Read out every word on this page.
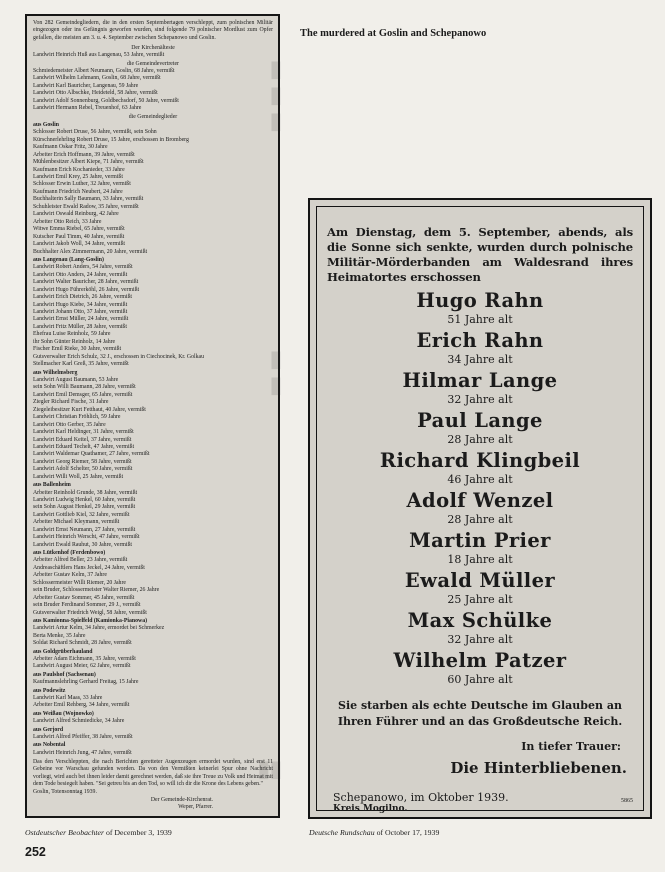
The murdered at Goslin and Schepanowo
▮
▮
▮
▮
▮
▮▮

Von 282 Gemeindegliedern, die in den ersten Septembertagen verschleppt, zum polnischen Militär eingezogen oder ins Gefängnis geworfen wurden, sind folgende 79 polnischer Mordlust zum Opfer gefallen, die meisten am 3. u. 4. September zwischen Schepanowo und Goslin.

Der Kirchenälteste
Landwirt Heinrich Huß aus Langenau, 53 Jahre, vermißt
die Gemeindevertreter
Schmiedemeister Albert Neumann, Goslin, 68 Jahre, vermißt
Landwirt Wilhelm Lehmann, Goslin, 68 Jahre, vermißt
Landwirt Karl Bauricher, Langenau, 59 Jahre
Landwirt Otto Albschke, Heideteld, 58 Jahre, vermißt
Landwirt Adolf Sonnenburg, Goldbechsdorf, 50 Jahre, vermißt
Landwirt Hermann Rebel, Treuenhof, 63 Jahre
die Gemeindeglieder
aus Goslin
Schlosser Robert Druse, 56 Jahre, vermißt, sein Sohn
Kürschnerlehrling Robert Druse, 15 Jahre, erschossen in Bromberg
Kaufmann Oskar Fritz, 30 Jahre
Arbeiter Erich Hoffmann, 39 Jahre, vermißt
Mühlenbesitzer Albert Kiepe, 71 Jahre, vermißt
Kaufmann Erich Kochanieder, 33 Jahre
Landwirt Emil Krey, 25 Jahre, vermißt
Schlosser Erwin Luther, 32 Jahre, vermißt
Kaufmann Friedrich Neubert, 24 Jahre
Buchhalterin Sally Baumann, 33 Jahre, vermißt
Schuhleister Ewald Radow, 35 Jahre, vermißt
Landwirt Oswald Reinburg, 42 Jahre
Arbeiter Otto Reich, 33 Jahre
Witwe Emma Riebel, 65 Jahre, vermißt
Kutscher Paul Timm, 40 Jahre, vermißt
Landwirt Jakob Woll, 34 Jahre, vermißt
Buchhalter Alex Zimmermann, 20 Jahre, vermißt
aus Langenau (Lang-Goslin)
Landwirt Robert Anders, 54 Jahre, vermißt
Landwirt Otto Anders, 24 Jahre, vermißt
Landwirt Walter Bauricher, 28 Jahre, vermißt
Landwirt Hugo Führerköhl, 26 Jahre, vermißt
Landwirt Erich Dietrich, 26 Jahre, vermißt
Landwirt Hugo Kiebe, 34 Jahre, vermißt
Landwirt Johann Otto, 37 Jahre, vermißt
Landwirt Ernst Müller, 24 Jahre, vermißt
Landwirt Fritz Müller, 28 Jahre, vermißt
Ehefrau Luise Reinholz, 59 Jahre
ihr Sohn Günter Reinholz, 14 Jahre
Fischer Emil Rieke, 30 Jahre, vermißt
Gutsverwalter Erich Schulz, 32 J., erschossen in Ciechocinek, Kr. Golkau
Stellmacher Karl Greß, 35 Jahre, vermißt
aus Wilhelmsberg
Landwirt August Baumann, 53 Jahre
sein Sohn Willi Baumann, 28 Jahre, vermißt
Landwirt Emil Demsger, 65 Jahre, vermißt
Ziegler Richard Fische, 31 Jahre
Ziegeleibesitzer Kurt Fetthaut, 40 Jahre, vermißt
Landwirt Christian Fröhlich, 59 Jahre
Landwirt Otto Gerber, 35 Jahre
Landwirt Karl Heldinger, 31 Jahre, vermißt
Landwirt Eduard Keitel, 37 Jahre, vermißt
Landwirt Eduard Techelt, 47 Jahre, vermißt
Landwirt Waldemar Quathamer, 27 Jahre, vermißt
Landwirt Georg Riemer, 58 Jahre, vermißt
Landwirt Adolf Schelter, 50 Jahre, vermißt
Landwirt Willi Woll, 25 Jahre, vermißt
aus Ballenheim
Arbeiter Reinhold Grunde, 38 Jahre, vermißt
Landwirt Ludwig Henkel, 60 Jahre, vermißt
sein Sohn August Henkel, 29 Jahre, vermißt
Landwirt Gottlieb Kiel, 32 Jahre, vermißt
Arbeiter Michael Kleymann, vermißt
Landwirt Ernst Neumann, 27 Jahre, vermißt
Landwirt Heinrich Werscht, 47 Jahre, vermißt
Landwirt Ewald Rauhut, 30 Jahre, vermißt
aus Lütkenhof (Ferdenbowo)
Arbeiter Alfred Beller, 23 Jahre, vermißt
Andreaschäftlers Hans Jeckel, 24 Jahre, vermißt
Arbeiter Gustav Kelm, 37 Jahre
Schlossermeister Willi Riemer, 20 Jahre
sein Bruder, Schlossermeister Walter Riemer, 26 Jahre
Arbeiter Gustav Sommer, 45 Jahre, vermißt
sein Bruder Ferdinand Sommer, 29 J., vermißt
Gutsverwalter Friedrich Weigl, 58 Jahre, vermißt
aus Kamionna-Spielfeld (Kamionka-Pianowa)
Landwirt Artur Kelm, 34 Jahre, ermordet bei Schmerkez
Berta Menke, 35 Jahre
Soldat Richard Schmidt, 28 Jahre, vermißt
aus Goldgrüberhauland
Arbeiter Adam Eichmann, 35 Jahre, vermißt
Landwirt August Meier, 62 Jahre, vermißt
aus Paulshof (Sachsenau)
Kaufmannslehrling Gerhard Freitag, 15 Jahre
aus Podewitz
Landwirt Karl Maas, 33 Jahre
Arbeiter Emil Rehberg, 34 Jahre, vermißt
aus Weißau (Wojnowko)
Landwirt Alfred Schmiedicke, 34 Jahre
aus Gerjord
Landwirt Alfred Pfeiffer, 38 Jahre, vermißt
aus Nobental
Landwirt Heinrich Jung, 47 Jahre, vermißt
Das den Verschleppten, die nach Berichten geretteter Augenzeugen ermordet wurden, sind erst 11 Gebeine vor Warschau gefunden worden. Da von den Vermißten keinerlei Spur ohne Nachricht vorliegt, wird auch bei ihnen leider damit gerechnet werden, daß sie ihre Treue zu Volk und Heimat mit dem Tode besiegelt haben. "Sei getreu bis an den Tod, so will ich dir die Krone des Lebens geben."
Goslin, Totensonntag 1939.
Der Gemeinde-Kirchenrat.
Weper, Pfarrer.

Am Dienstag, dem 5. September, abends, als die Sonne sich senkte, wurden durch polnische Militär-Mörderbanden am Waldesrand ihres Heimatortes erschossen

Hugo Rahn
51 Jahre alt
Erich Rahn
34 Jahre alt
Hilmar Lange
32 Jahre alt
Paul Lange
28 Jahre alt
Richard Klingbeil
46 Jahre alt
Adolf Wenzel
28 Jahre alt
Martin Prier
18 Jahre alt
Ewald Müller
25 Jahre alt
Max Schülke
32 Jahre alt
Wilhelm Patzer
60 Jahre alt
Sie starben als echte Deutsche im Glauben an Ihren Führer und an das Großdeutsche Reich.
In tiefer Trauer:
Die Hinterbliebenen.
Schepanowo, im Oktober 1939.
Kreis Mogilno.
5865
Ostdeutscher Beobachter of December 3, 1939	Deutsche Rundschau of October 17, 1939
252
